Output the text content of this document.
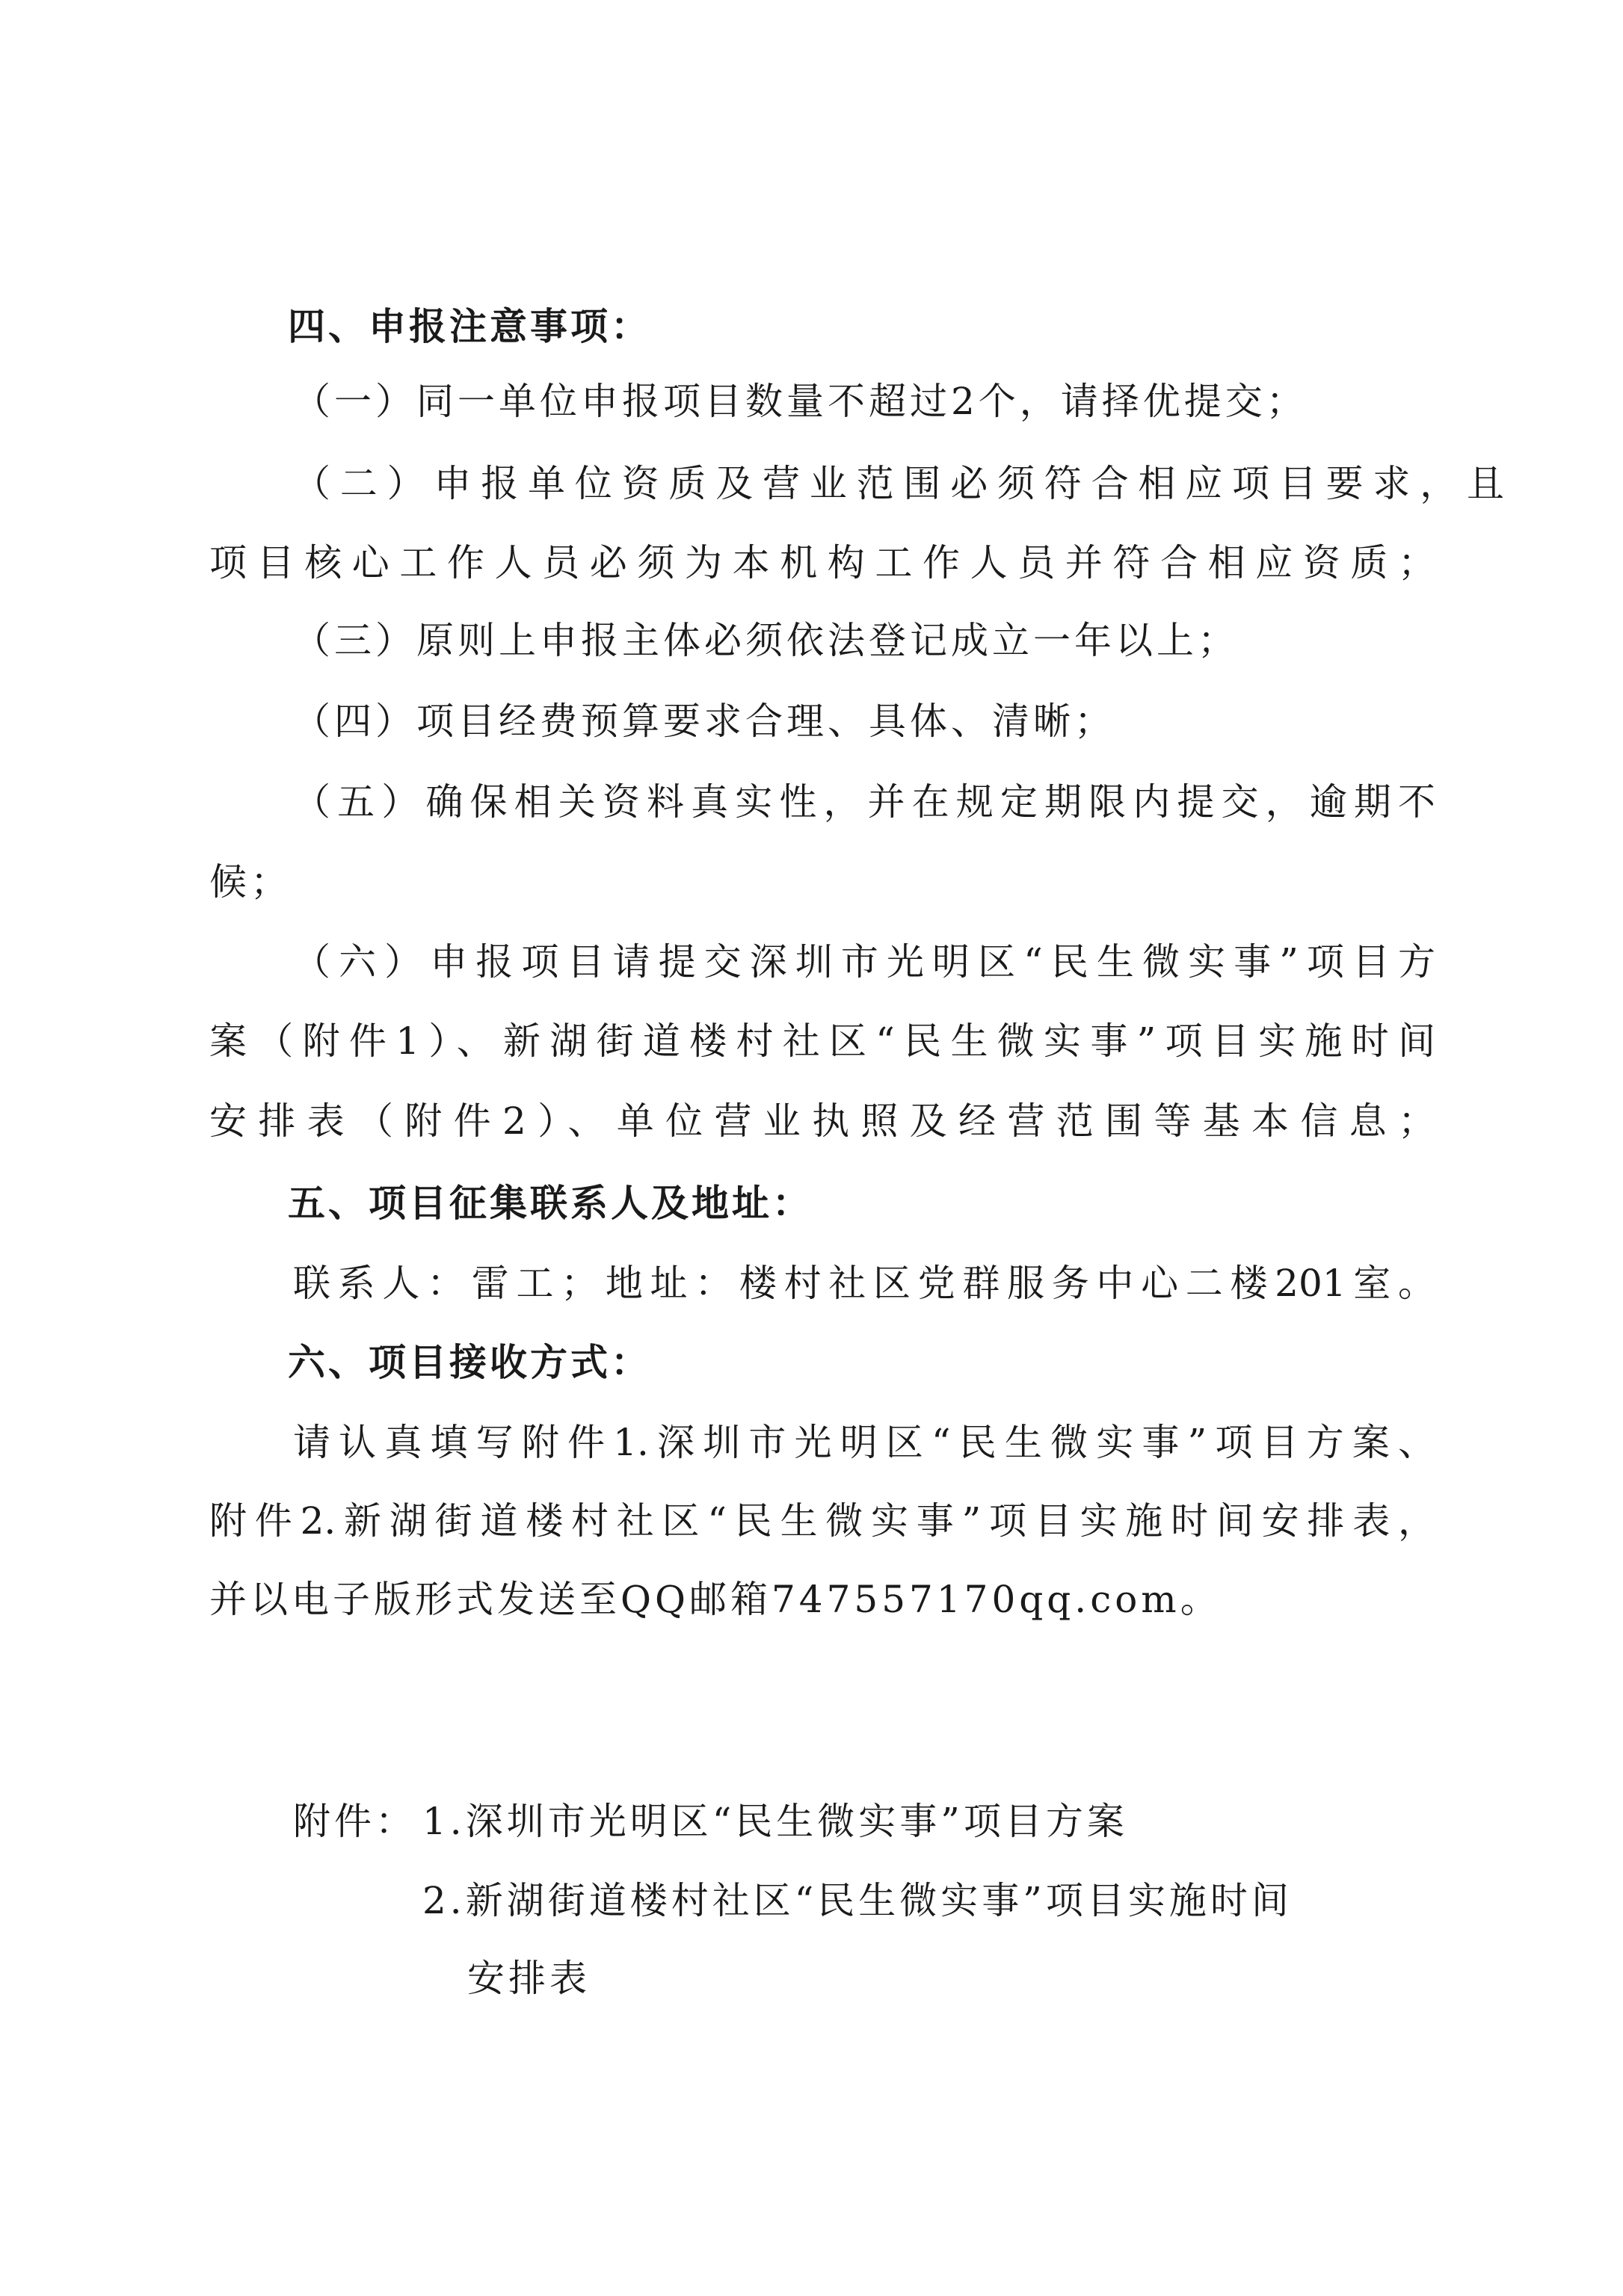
四、申报注意事项：
（一）同一单位申报项目数量不超过2个，请择优提交；
（二）申报单位资质及营业范围必须符合相应项目要求，且
项目核心工作人员必须为本机构工作人员并符合相应资质；
（三）原则上申报主体必须依法登记成立一年以上；
（四）项目经费预算要求合理、具体、清晰；
（五）确保相关资料真实性，并在规定期限内提交，逾期不
候；
（六）申报项目请提交深圳市光明区“民生微实事”项目方
案（附件1）、新湖街道楼村社区“民生微实事”项目实施时间
安排表（附件2）、单位营业执照及经营范围等基本信息；
五、项目征集联系人及地址：
联系人：雷工；地址：楼村社区党群服务中心二楼201室。
六、项目接收方式：
请认真填写附件1.深圳市光明区“民生微实事”项目方案、
附件2.新湖街道楼村社区“民生微实事”项目实施时间安排表，
并以电子版形式发送至QQ邮箱747557170qq.com。
附件： 1.深圳市光明区“民生微实事”项目方案
2.新湖街道楼村社区“民生微实事”项目实施时间
安排表
